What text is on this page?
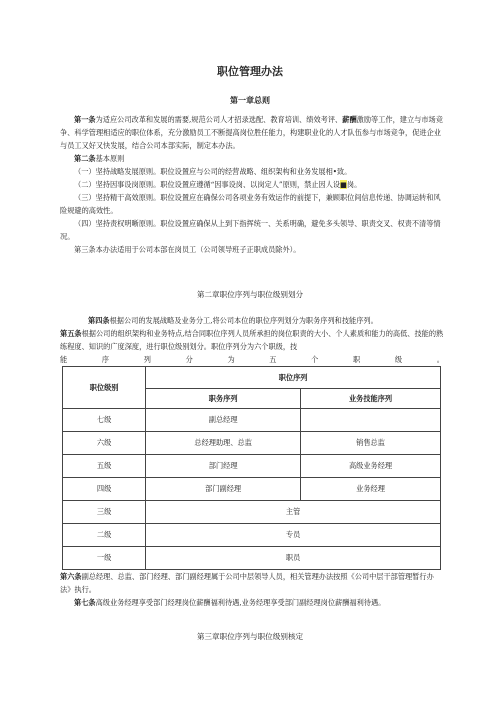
职位管理办法
第一章总则

第一条为适应公司改革和发展的需要,规范公司人才招录选配、教育培训、绩效考评、薪酬激励等工作，建立与市场竞争、科学管理相适应的职位体系，充分激励员工不断提高岗位胜任能力，构建职业化的人才队伍参与市场竞争，促进企业与员工又好又快发展，结合公司本部实际，制定本办法。

第二条基本原则

（一）坚持战略发展原则。职位设置应与公司的经营战略、组织架构和业务发展相•致。

（二）坚持因事设岗原则。职位设置应遵循“因事设岗、以岗定人”原则，禁止因人设■岗。

（三）坚持精干高效原则。职位设置应在确保公司各项业务有效运作的前提下，兼顾职位间信息传递、协调运转和风险规避的高效性。

（四）坚持责权明晰原则。职位设置应确保从上到下指挥统一、关系明确，避免多头领导、职责交叉、权责不清等情况。

第三条本办法适用于公司本部在岗员工（公司领导班子正职成员除外）。

第二章职位序列与职位级别划分

第四条根据公司的发展战略及业务分工,将公司本位的职位序列划分为职务序列和技能序列。

第五条根据公司的组织架构和业务特点,结合同职位序列人员所承担的岗位职责的大小、个人素质和能力的高低、技能的熟练程度、知识的广度深度，进行职位级别划分。职位序列分为六个职级，技

能	序	列	分	为	五	个	职	级	。

职位级别	职位序列	
	职务序列	业务技能序列
七级	副总经理	
六级	总经理助理、总监	销售总监
五级	部门经理	高级业务经理
四级	部门副经理	业务经理
三级	主管	
二级	专员	
一级	职员	

第六条副总经理、总监、部门经理、部门副经理属于公司中层领导人员，相关管理办法按照《公司中层干部管理暂行办法》执行。

第七条高级业务经理享受部门经理岗位薪酬福利待遇,业务经理享受部门副经理岗位薪酬福利待遇。

第三章职位序列与职位级别核定
